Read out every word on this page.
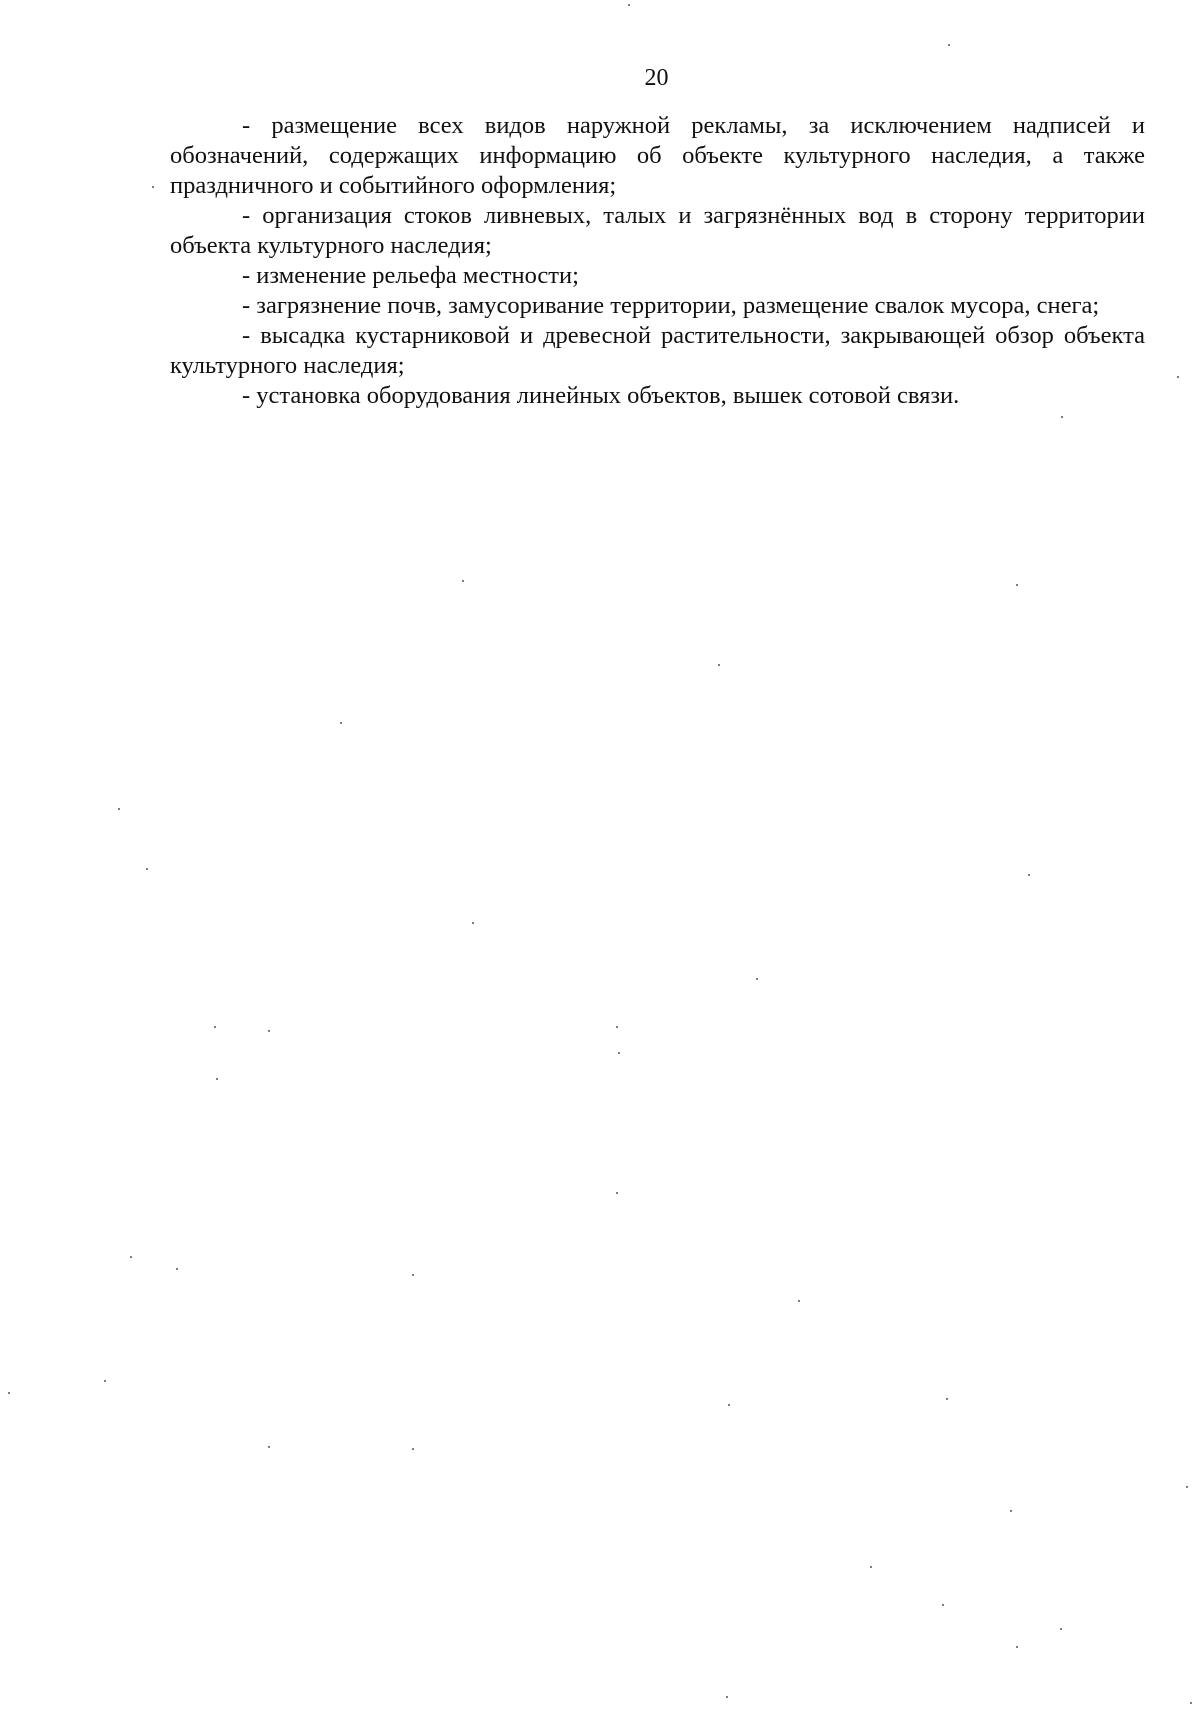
20

- размещение всех видов наружной рекламы, за исключением надписей и обозначений, содержащих информацию об объекте культурного наследия, а также праздничного и событийного оформления;

- организация стоков ливневых, талых и загрязнённых вод в сторону территории объекта культурного наследия;

- изменение рельефа местности;

- загрязнение почв, замусоривание территории, размещение свалок мусора, снега;

- высадка кустарниковой и древесной растительности, закрывающей обзор объекта культурного наследия;

- установка оборудования линейных объектов, вышек сотовой связи.
